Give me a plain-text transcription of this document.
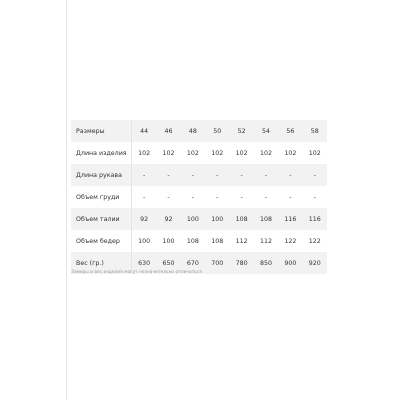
Размеры	44	46	48	50	52	54	56	58
Длина изделия	102	102	102	102	102	102	102	102
Длина рукава	-	-	-	-	-	-	-	-
Объем груди	-	-	-	-	-	-	-	-
Объем талии	92	92	100	100	108	108	116	116
Объем бедер	100	100	108	108	112	112	122	122
Вес (гр.)	630	650	670	700	780	850	900	920
Замеры и вес изделия могут незначительно отличаться
